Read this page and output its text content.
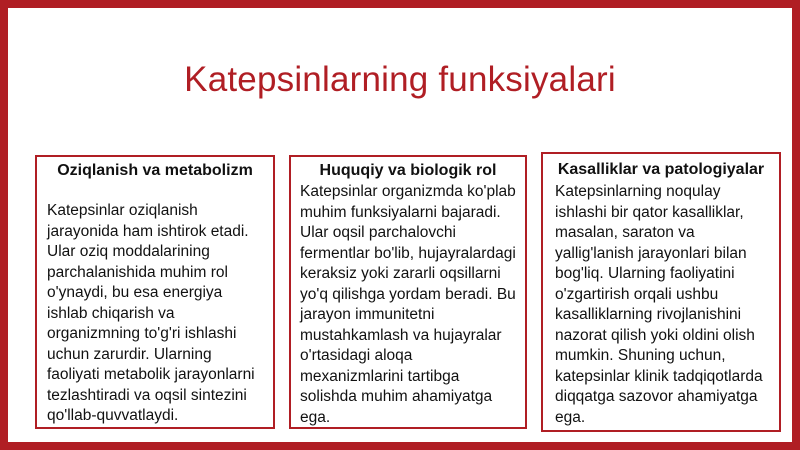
Katepsinlarning funksiyalari
Oziqlanish va metabolizm
Katepsinlar oziqlanish jarayonida ham ishtirok etadi. Ular oziq moddalarining parchalanishida muhim rol o'ynaydi, bu esa energiya ishlab chiqarish va organizmning to'g'ri ishlashi uchun zarurdir. Ularning faoliyati metabolik jarayonlarni tezlashtiradi va oqsil sintezini qo'llab-quvvatlaydi.
Huquqiy va biologik rol
Katepsinlar organizmda ko'plab muhim funksiyalarni bajaradi. Ular oqsil parchalovchi fermentlar bo'lib, hujayralardagi keraksiz yoki zararli oqsillarni yo'q qilishga yordam beradi. Bu jarayon immunitetni mustahkamlash va hujayralar o'rtasidagi aloqa mexanizmlarini tartibga solishda muhim ahamiyatga ega.
Kasalliklar va patologiyalar
Katepsinlarning noqulay ishlashi bir qator kasalliklar, masalan, saraton va yallig'lanish jarayonlari bilan bog'liq. Ularning faoliyatini o'zgartirish orqali ushbu kasalliklarning rivojlanishini nazorat qilish yoki oldini olish mumkin. Shuning uchun, katepsinlar klinik tadqiqotlarda diqqatga sazovor ahamiyatga ega.
